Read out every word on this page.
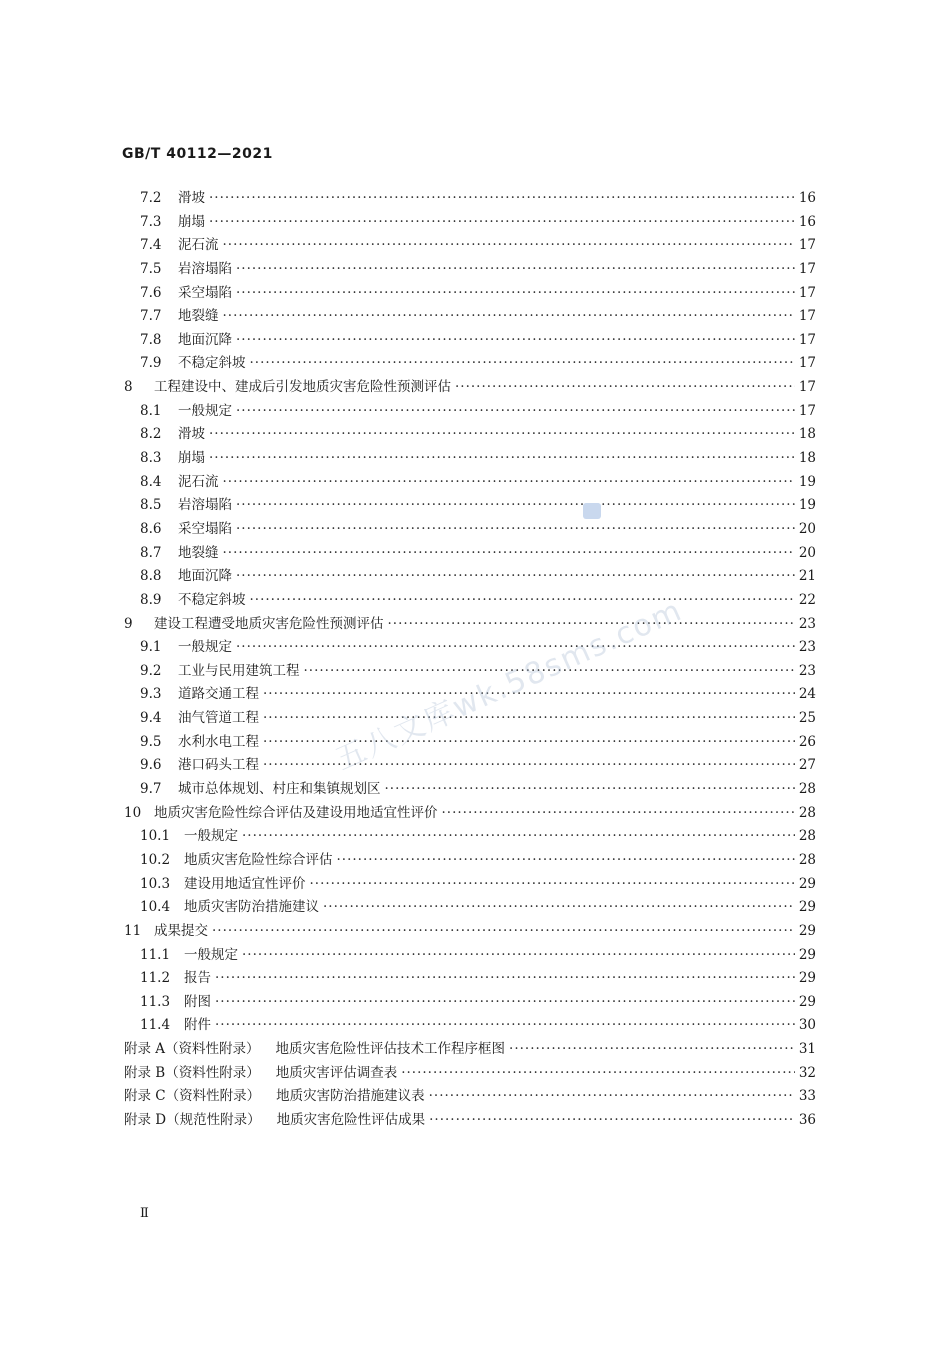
GB/T 40112—2021
7.2	滑坡 ·····	16
7.3	崩塌 ·····	16
7.4	泥石流 ·····	17
7.5	岩溶塌陷 ·····	17
7.6	采空塌陷 ·····	17
7.7	地裂缝 ·····	17
7.8	地面沉降 ·····	17
7.9	不稳定斜坡 ·····	17
8	工程建设中、建成后引发地质灾害危险性预测评估 ·····	17
8.1	一般规定 ·····	17
8.2	滑坡 ·····	18
8.3	崩塌 ·····	18
8.4	泥石流 ·····	19
8.5	岩溶塌陷 ·····	19
8.6	采空塌陷 ·····	20
8.7	地裂缝 ·····	20
8.8	地面沉降 ·····	21
8.9	不稳定斜坡 ·····	22
9	建设工程遭受地质灾害危险性预测评估 ·····	23
9.1	一般规定 ·····	23
9.2	工业与民用建筑工程 ·····	23
9.3	道路交通工程 ·····	24
9.4	油气管道工程 ·····	25
9.5	水利水电工程 ·····	26
9.6	港口码头工程 ·····	27
9.7	城市总体规划、村庄和集镇规划区 ·····	28
10 地质灾害危险性综合评估及建设用地适宜性评价 ·····	28
10.1	一般规定 ·····	28
10.2	地质灾害危险性综合评估 ·····	28
10.3	建设用地适宜性评价 ·····	29
10.4	地质灾害防治措施建议 ·····	29
11 成果提交 ·····	29
11.1	一般规定 ·····	29
11.2	报告 ·····	29
11.3	附图 ·····	29
11.4	附件 ·····	30
附录 A（资料性附录） 地质灾害危险性评估技术工作程序框图 ·····	31
附录 B（资料性附录） 地质灾害评估调查表 ·····	32
附录 C（资料性附录） 地质灾害防治措施建议表 ·····	33
附录 D（规范性附录） 地质灾害危险性评估成果 ·····	36
五八文库wk.58sms.com
Ⅱ
